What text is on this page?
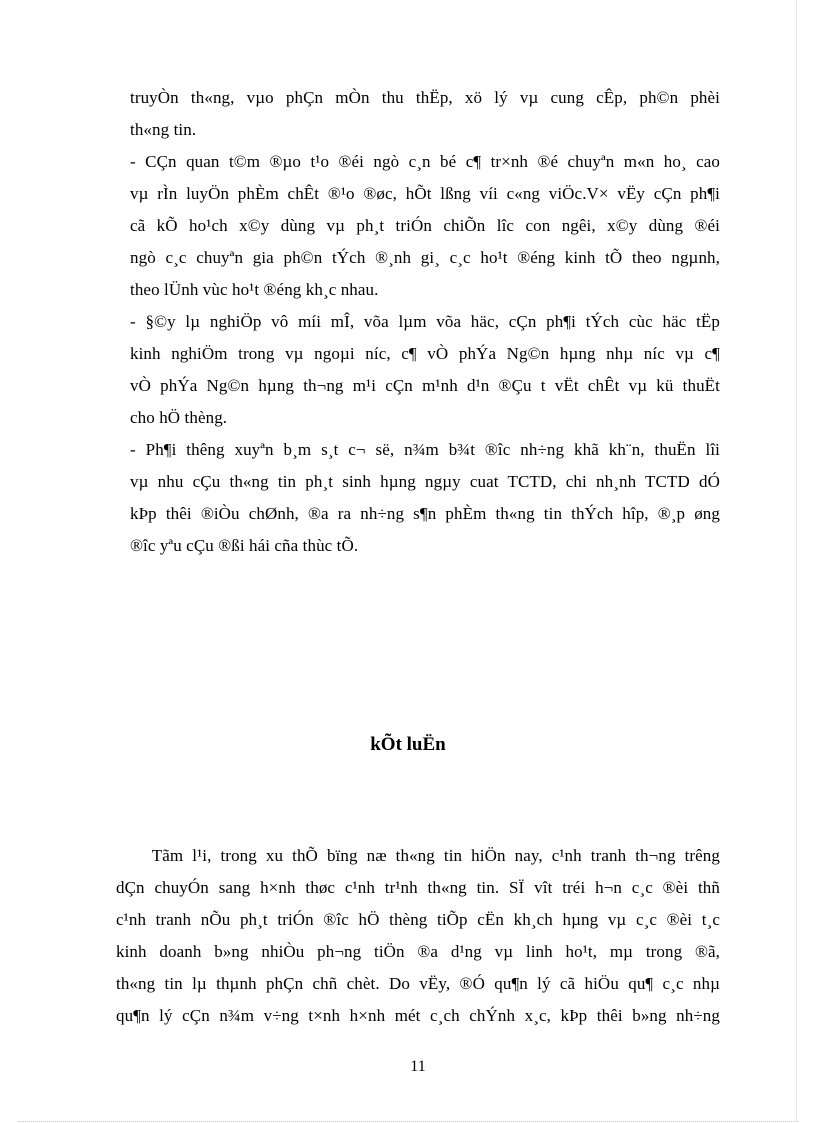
truyÒn th«ng, vµo phÇn mÒn thu thËp, xö lý vµ cung cÊp, ph©n phèi
th«ng tin.
- CÇn quan t©m ®µo t¹o ®éi ngò c¸n bé c¶ tr×nh ®é chuyªn m«n ho¸ cao
vµ rÌn luyÖn phÈm chÊt ®¹o ®øc, hÕt lßng víi c«ng viÖc.V× vËy cÇn ph¶i
cã kÕ ho¹ch x©y dùng vµ ph¸t triÓn chiÕn lîc con ngêi, x©y dùng ®éi
ngò c¸c chuyªn gia ph©n tÝch ®¸nh gi¸ c¸c ho¹t ®éng kinh tÕ theo ngµnh,
theo lÜnh vùc ho¹t ®éng kh¸c nhau.
- §©y lµ nghiÖp vô míi mÎ, võa lµm võa häc, cÇn ph¶i tÝch cùc häc tËp
kinh nghiÖm trong vµ ngoµi níc, c¶ vÒ phÝa Ng©n hµng nhµ níc vµ c¶
vÒ phÝa Ng©n hµng th¬ng m¹i cÇn m¹nh d¹n ®Çu t vËt chÊt vµ kü thuËt
cho hÖ thèng.
- Ph¶i thêng xuyªn b¸m s¸t c¬ së, n¾m b¾t ®îc nh÷ng khã kh¨n, thuËn lîi
vµ nhu cÇu th«ng tin ph¸t sinh hµng ngµy cuat TCTD, chi nh¸nh TCTD dÓ
kÞp thêi ®iÒu chØnh, ®a ra nh÷ng s¶n phÈm th«ng tin thÝch hîp, ®¸p øng
®îc yªu cÇu ®ßi hái cña thùc tÕ.
kÕt luËn
Tãm l¹i, trong xu thÕ bïng næ th«ng tin hiÖn nay, c¹nh tranh th¬ng trêng
dÇn chuyÓn sang h×nh thøc c¹nh tr¹nh th«ng tin. SÏ vît tréi h¬n c¸c ®èi thñ
c¹nh tranh nÕu ph¸t triÓn ®îc hÖ thèng tiÕp cËn kh¸ch hµng vµ c¸c ®èi t¸c
kinh doanh b»ng nhiÒu ph¬ng tiÖn ®a d¹ng vµ linh ho¹t, mµ trong ®ã,
th«ng tin lµ thµnh phÇn chñ chèt. Do vËy, ®Ó qu¶n lý cã hiÖu qu¶ c¸c nhµ
qu¶n lý cÇn n¾m v÷ng t×nh h×nh mét c¸ch chÝnh x¸c, kÞp thêi b»ng nh÷ng
11
